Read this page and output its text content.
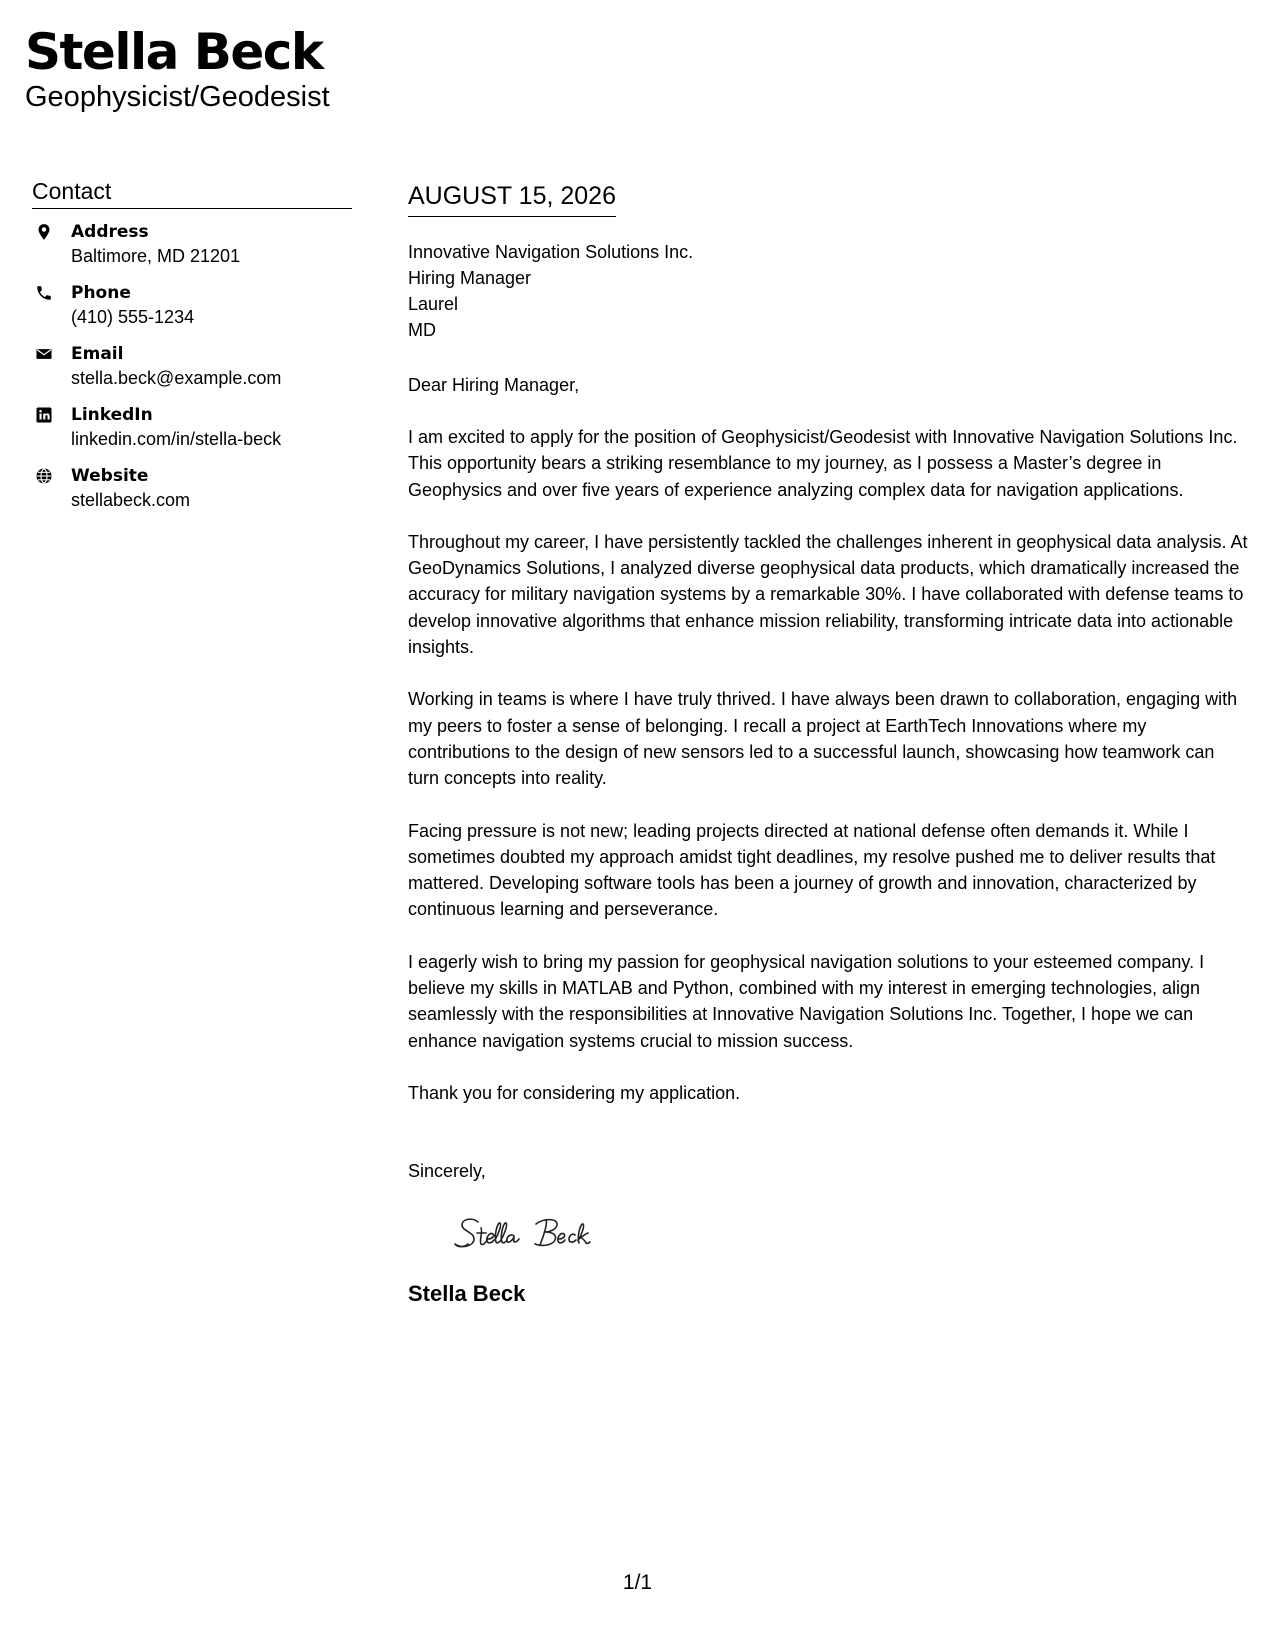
Stella Beck
Geophysicist/Geodesist
Contact
Address
Baltimore, MD 21201
Phone
(410) 555-1234
Email
stella.beck@example.com
LinkedIn
linkedin.com/in/stella-beck
Website
stellabeck.com
AUGUST 15, 2026
Innovative Navigation Solutions Inc.
Hiring Manager
Laurel
MD
Dear Hiring Manager,
I am excited to apply for the position of Geophysicist/Geodesist with Innovative Navigation Solutions Inc. This opportunity bears a striking resemblance to my journey, as I possess a Master’s degree in Geophysics and over five years of experience analyzing complex data for navigation applications.
Throughout my career, I have persistently tackled the challenges inherent in geophysical data analysis. At GeoDynamics Solutions, I analyzed diverse geophysical data products, which dramatically increased the accuracy for military navigation systems by a remarkable 30%. I have collaborated with defense teams to develop innovative algorithms that enhance mission reliability, transforming intricate data into actionable insights.
Working in teams is where I have truly thrived. I have always been drawn to collaboration, engaging with my peers to foster a sense of belonging. I recall a project at EarthTech Innovations where my contributions to the design of new sensors led to a successful launch, showcasing how teamwork can turn concepts into reality.
Facing pressure is not new; leading projects directed at national defense often demands it. While I sometimes doubted my approach amidst tight deadlines, my resolve pushed me to deliver results that mattered. Developing software tools has been a journey of growth and innovation, characterized by continuous learning and perseverance.
I eagerly wish to bring my passion for geophysical navigation solutions to your esteemed company. I believe my skills in MATLAB and Python, combined with my interest in emerging technologies, align seamlessly with the responsibilities at Innovative Navigation Solutions Inc. Together, I hope we can enhance navigation systems crucial to mission success.
Thank you for considering my application.
Sincerely,
Stella Beck
Stella Beck
1/1
